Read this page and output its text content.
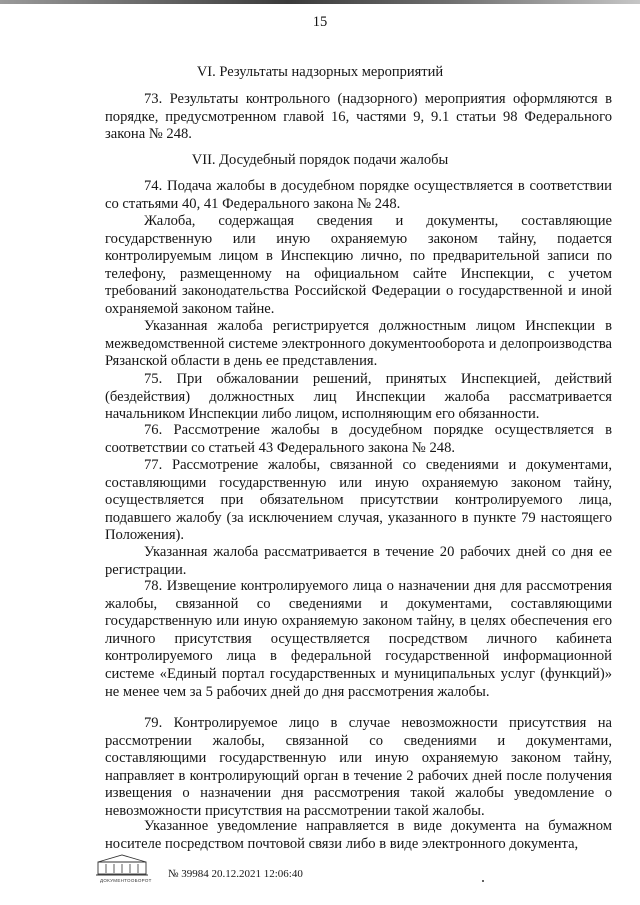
15
VI. Результаты надзорных мероприятий

73. Результаты контрольного (надзорного) мероприятия оформляются в порядке, предусмотренном главой 16, частями 9, 9.1 статьи 98 Федерального закона № 248.

VII. Досудебный порядок подачи жалобы

74. Подача жалобы в досудебном порядке осуществляется в соответствии со статьями 40, 41 Федерального закона № 248.

Жалоба, содержащая сведения и документы, составляющие государственную или иную охраняемую законом тайну, подается контролируемым лицом в Инспекцию лично, по предварительной записи по телефону, размещенному на официальном сайте Инспекции, с учетом требований законодательства Российской Федерации о государственной и иной охраняемой законом тайне.

Указанная жалоба регистрируется должностным лицом Инспекции в межведомственной системе электронного документооборота и делопроизводства Рязанской области в день ее представления.

75. При обжаловании решений, принятых Инспекцией, действий (бездействия) должностных лиц Инспекции жалоба рассматривается начальником Инспекции либо лицом, исполняющим его обязанности.

76. Рассмотрение жалобы в досудебном порядке осуществляется в соответствии со статьей 43 Федерального закона № 248.

77. Рассмотрение жалобы, связанной со сведениями и документами, составляющими государственную или иную охраняемую законом тайну, осуществляется при обязательном присутствии контролируемого лица, подавшего жалобу (за исключением случая, указанного в пункте 79 настоящего Положения).

Указанная жалоба рассматривается в течение 20 рабочих дней со дня ее регистрации.

78. Извещение контролируемого лица о назначении дня для рассмотрения жалобы, связанной со сведениями и документами, составляющими государственную или иную охраняемую законом тайну, в целях обеспечения его личного присутствия осуществляется посредством личного кабинета контролируемого лица в федеральной государственной информационной системе «Единый портал государственных и муниципальных услуг (функций)» не менее чем за 5 рабочих дней до дня рассмотрения жалобы.

79. Контролируемое лицо в случае невозможности присутствия на рассмотрении жалобы, связанной со сведениями и документами, составляющими государственную или иную охраняемую законом тайну, направляет в контролирующий орган в течение 2 рабочих дней после получения извещения о назначении дня рассмотрения такой жалобы уведомление о невозможности присутствия на рассмотрении такой жалобы.

Указанное уведомление направляется в виде документа на бумажном носителе посредством почтовой связи либо в виде электронного документа,

ДОКУМЕНТООБОРОТ
№ 39984 20.12.2021 12:06:40
